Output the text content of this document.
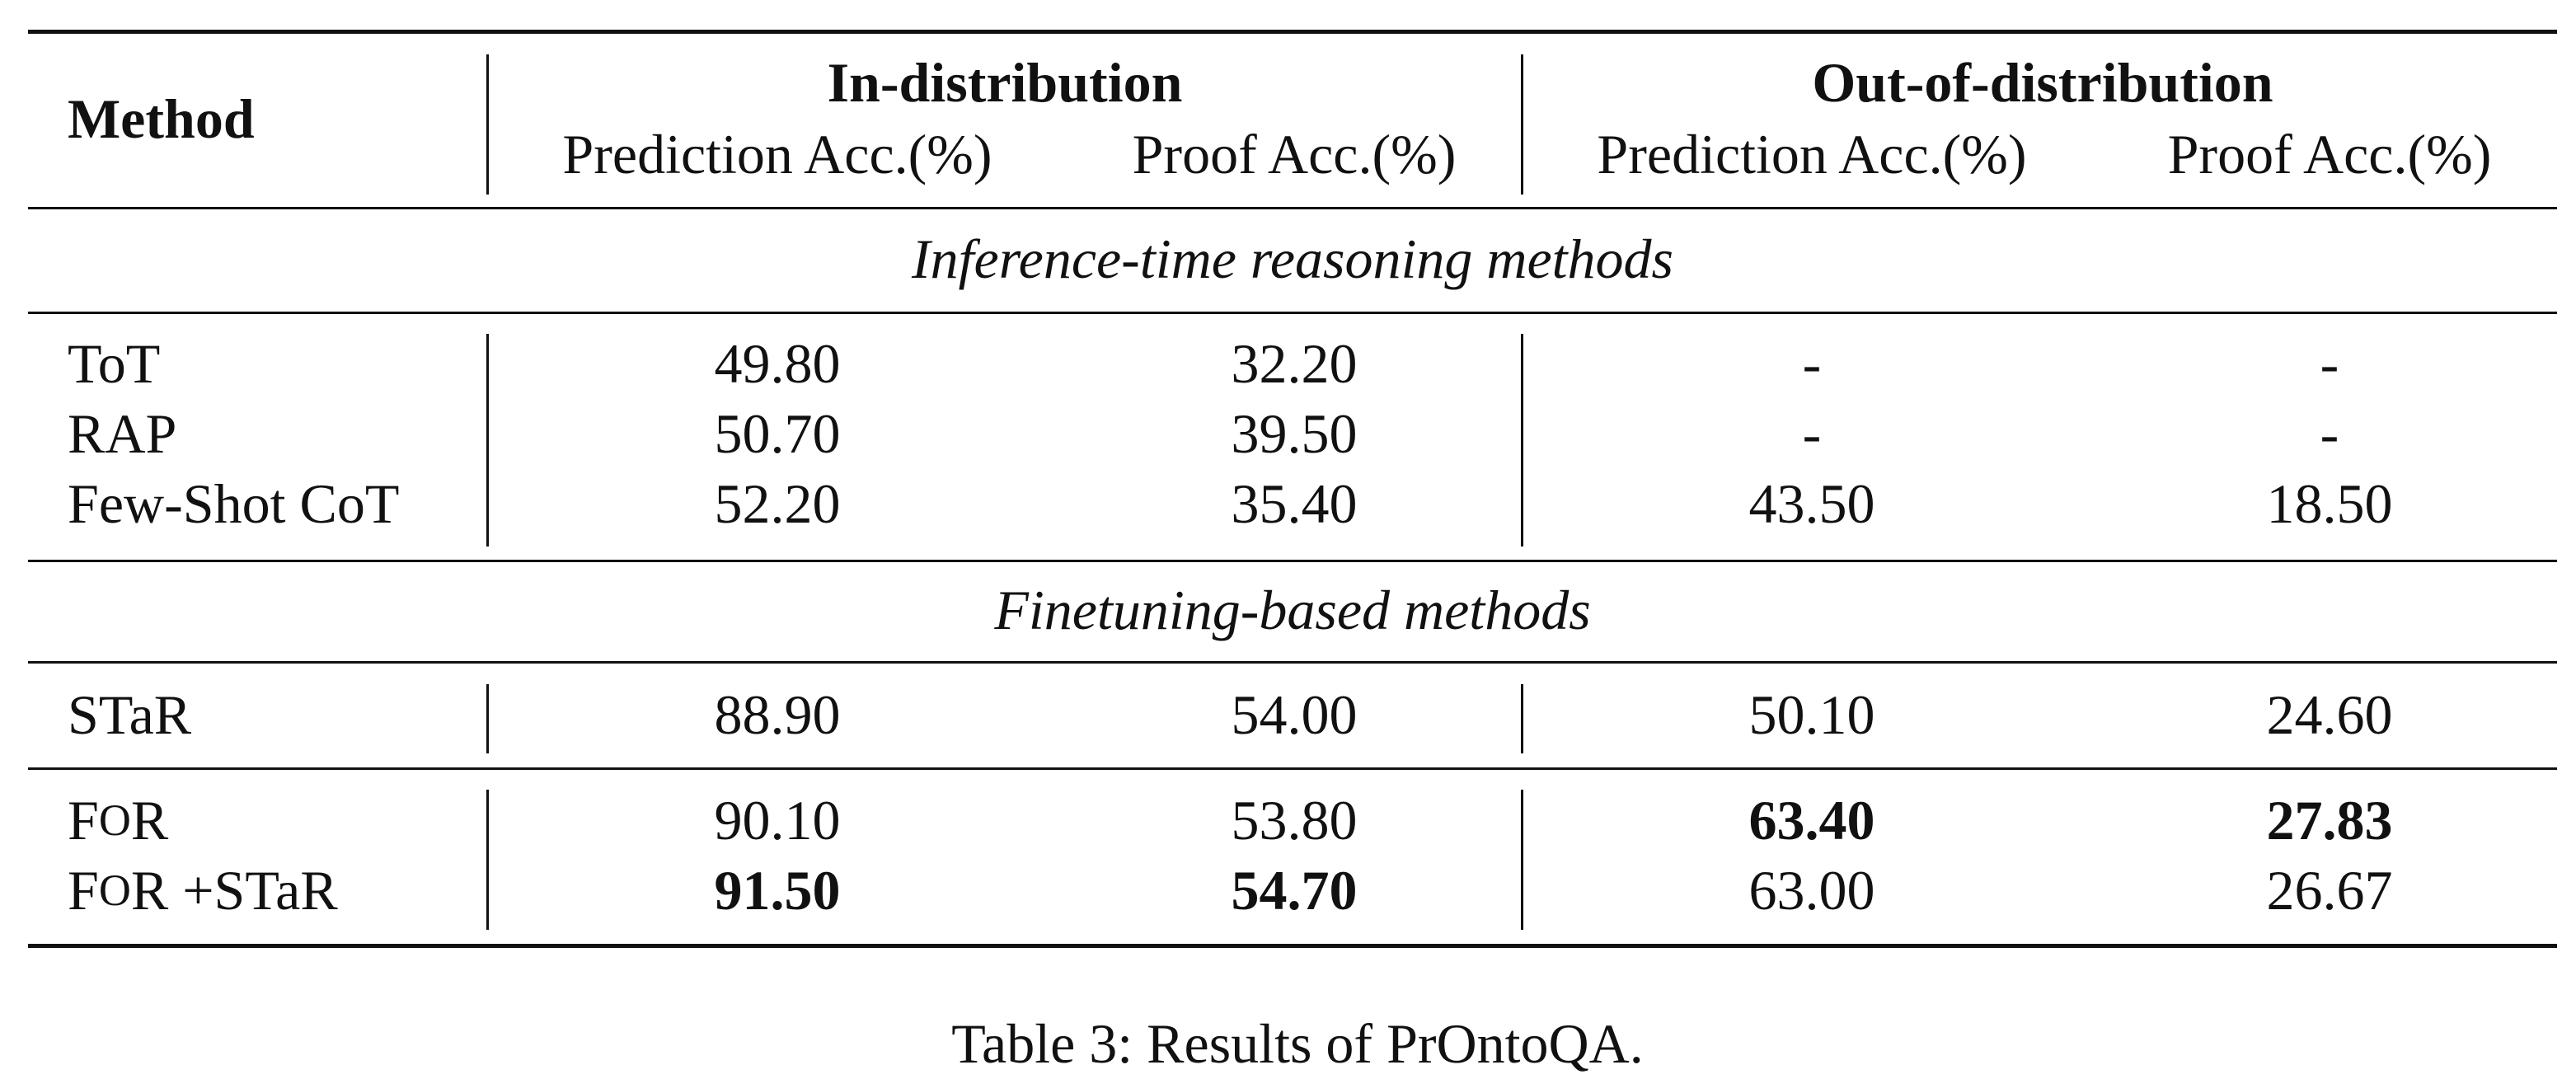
Method
In-distribution	Out-of-distribution
Prediction Acc.(%)	Proof Acc.(%)	Prediction Acc.(%)	Proof Acc.(%)
Inference-time reasoning methods
ToT	49.80	32.20	-	-
RAP	50.70	39.50	-	-
Few-Shot CoT	52.20	35.40	43.50	18.50
Finetuning-based methods
STaR	88.90	54.00	50.10	24.60
F O R	90.10	53.80	63.40	27.83
F O R +STaR	91.50	54.70	63.00	26.67
Table 3: Results of PrOntoQA.
